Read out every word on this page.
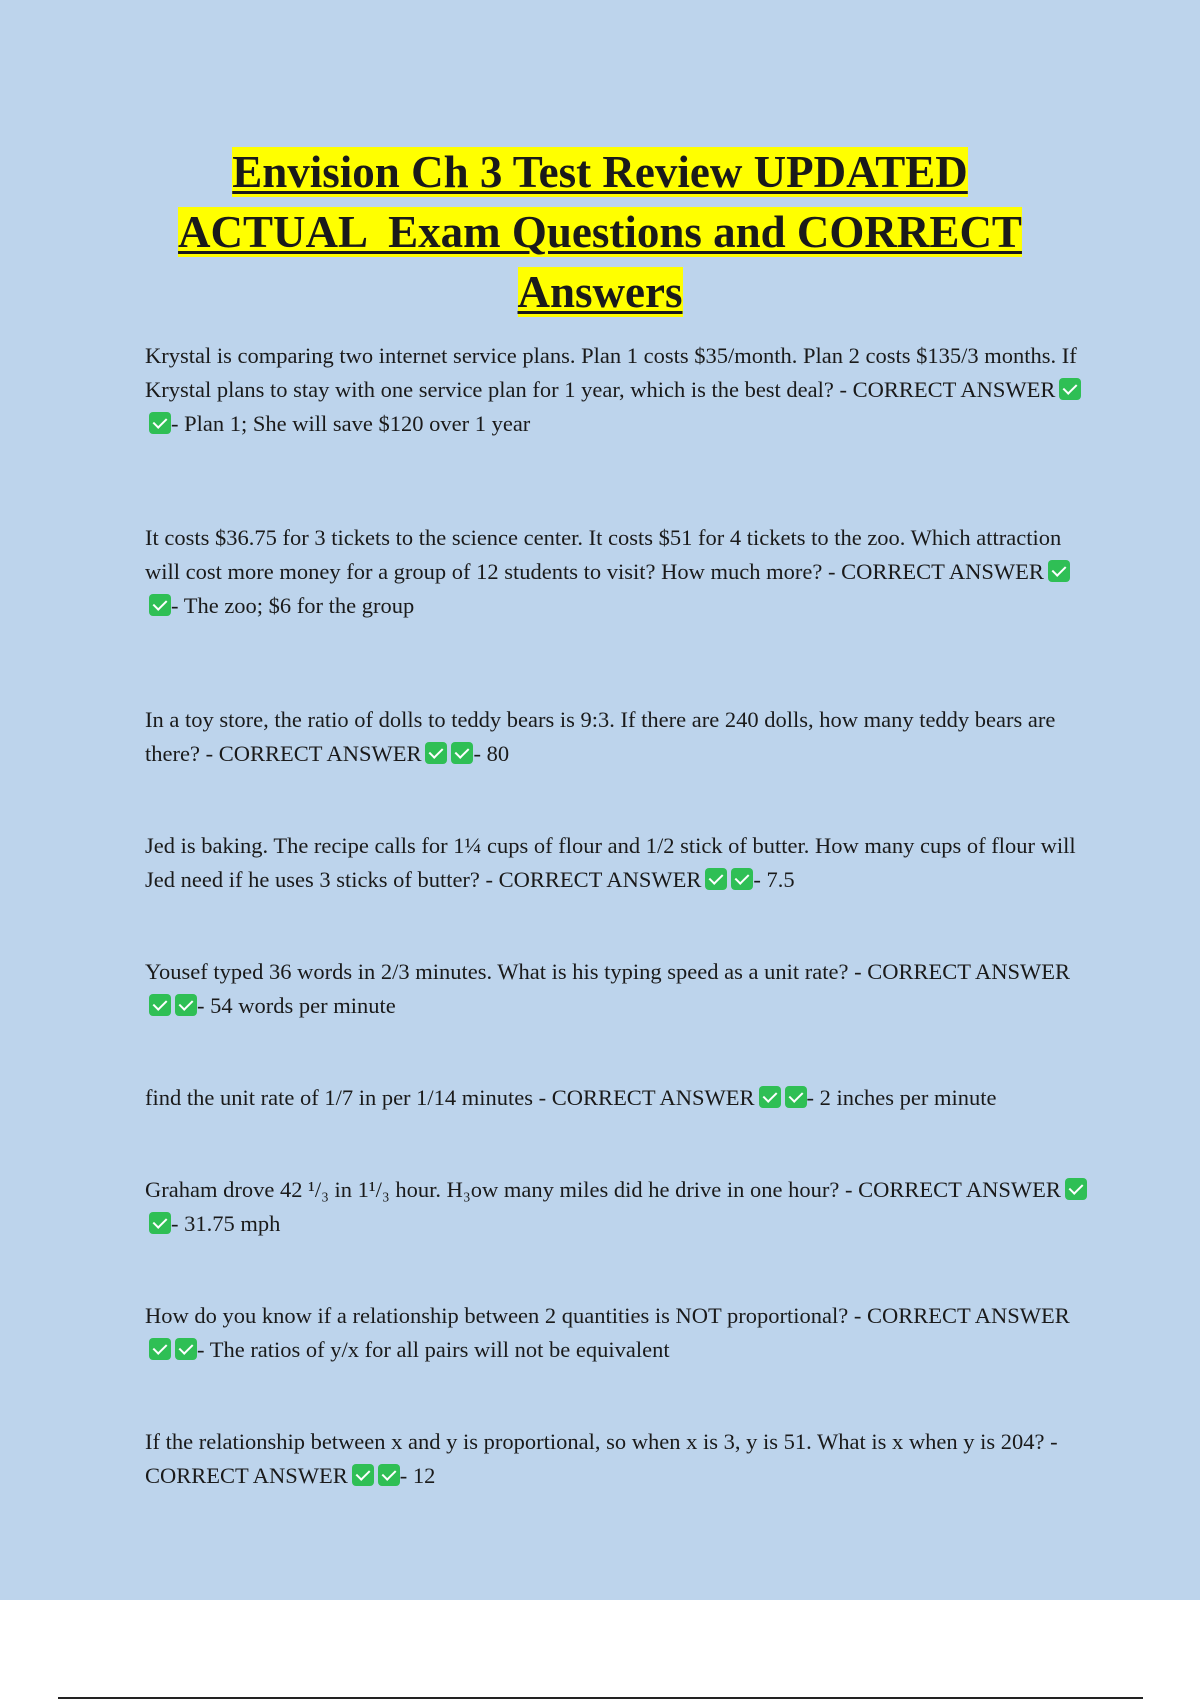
Envision Ch 3 Test Review UPDATED
ACTUAL  Exam Questions and CORRECT
Answers

Krystal is comparing two internet service plans. Plan 1 costs $35/month. Plan 2 costs $135/3 months. If Krystal plans to stay with one service plan for 1 year, which is the best deal? - CORRECT ANSWER- Plan 1; She will save $120 over 1 year

It costs $36.75 for 3 tickets to the science center. It costs $51 for 4 tickets to the zoo. Which attraction will cost more money for a group of 12 students to visit? How much more? - CORRECT ANSWER- The zoo; $6 for the group

In a toy store, the ratio of dolls to teddy bears is 9:3. If there are 240 dolls, how many teddy bears are there? - CORRECT ANSWER - 80

Jed is baking. The recipe calls for 1¼ cups of flour and 1/2 stick of butter. How many cups of flour will Jed need if he uses 3 sticks of butter? - CORRECT ANSWER - 7.5

Yousef typed 36 words in 2/3 minutes. What is his typing speed as a unit rate? - CORRECT ANSWER- 54 words per minute

find the unit rate of 1/7 in per 1/14 minutes - CORRECT ANSWER - 2 inches per minute

Graham drove 42 ¹/₃ in 1¹/₃ hour. H₃ow many miles did he drive in one hour? - CORRECT ANSWER- 31.75 mph

How do you know if a relationship between 2 quantities is NOT proportional? - CORRECT ANSWER- The ratios of y/x for all pairs will not be equivalent

If the relationship between x and y is proportional, so when x is 3, y is 51. What is x when y is 204? - CORRECT ANSWER - 12
